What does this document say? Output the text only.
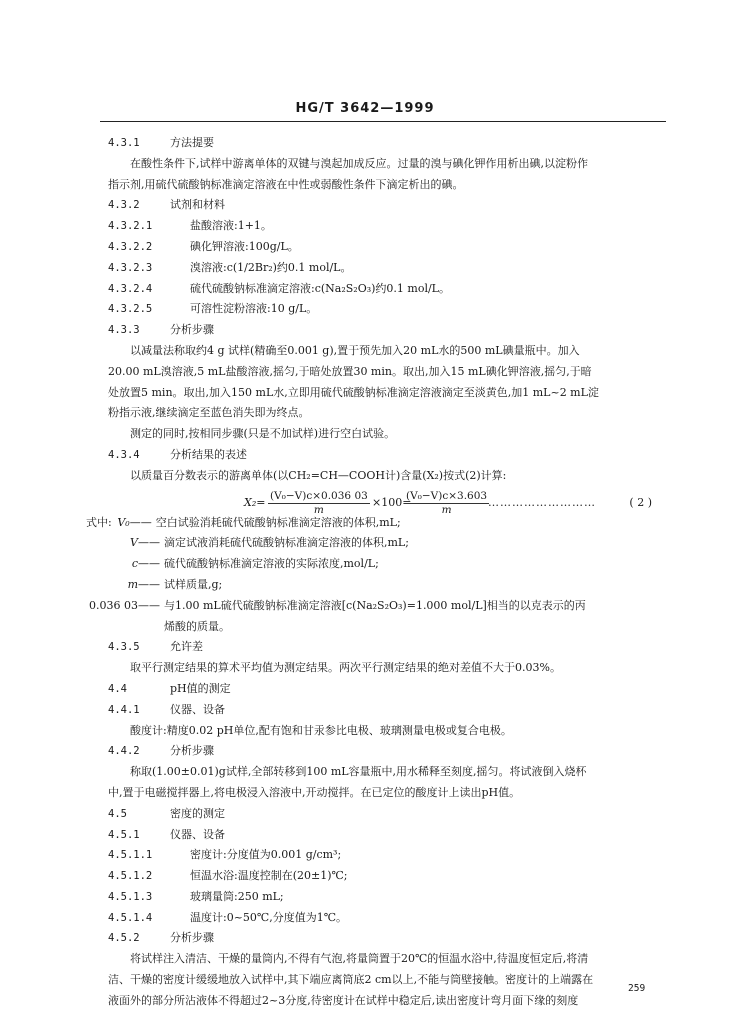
HG/T 3642—1999
4.3.1	方法提要
在酸性条件下,试样中游离单体的双键与溴起加成反应。过量的溴与碘化钾作用析出碘,以淀粉作
指示剂,用硫代硫酸钠标准滴定溶液在中性或弱酸性条件下滴定析出的碘。
4.3.2	试剂和材料
4.3.2.1	盐酸溶液:1+1。
4.3.2.2	碘化钾溶液:100g/L。
4.3.2.3	溴溶液:c(1/2Br₂)约0.1 mol/L。
4.3.2.4	硫代硫酸钠标准滴定溶液:c(Na₂S₂O₃)约0.1 mol/L。
4.3.2.5	可溶性淀粉溶液:10 g/L。
4.3.3	分析步骤
以减量法称取约4 g 试样(精确至0.001 g),置于预先加入20 mL水的500 mL碘量瓶中。加入
20.00 mL溴溶液,5 mL盐酸溶液,摇匀,于暗处放置30 min。取出,加入15 mL碘化钾溶液,摇匀,于暗
处放置5 min。取出,加入150 mL水,立即用硫代硫酸钠标准滴定溶液滴定至淡黄色,加1 mL~2 mL淀
粉指示液,继续滴定至蓝色消失即为终点。
测定的同时,按相同步骤(只是不加试样)进行空白试验。
4.3.4	分析结果的表述
以质量百分数表示的游离单体(以CH₂=CH—COOH计)含量(X₂)按式(2)计算:
$X_2= \frac{\text{(V₀−V)c×0.036 03}}{m} \times 100=$
$\frac{\text{(V₀−V)c×3.603}}{m}$
………………………	( 2 )
式中: V₀—— 空白试验消耗硫代硫酸钠标准滴定溶液的体积,mL;
V—— 滴定试液消耗硫代硫酸钠标准滴定溶液的体积,mL;
c—— 硫代硫酸钠标准滴定溶液的实际浓度,mol/L;
m—— 试样质量,g;
0.036 03—— 与1.00 mL硫代硫酸钠标准滴定溶液[c(Na₂S₂O₃)=1.000 mol/L]相当的以克表示的丙
烯酸的质量。
4.3.5	允许差
取平行测定结果的算术平均值为测定结果。两次平行测定结果的绝对差值不大于0.03%。
4.4	pH值的测定
4.4.1	仪器、设备
酸度计:精度0.02 pH单位,配有饱和甘汞参比电极、玻璃测量电极或复合电极。
4.4.2	分析步骤
称取(1.00±0.01)g试样,全部转移到100 mL容量瓶中,用水稀释至刻度,摇匀。将试液倒入烧杯
中,置于电磁搅拌器上,将电极浸入溶液中,开动搅拌。在已定位的酸度计上读出pH值。
4.5	密度的测定
4.5.1	仪器、设备
4.5.1.1	密度计:分度值为0.001 g/cm³;
4.5.1.2	恒温水浴:温度控制在(20±1)℃;
4.5.1.3	玻璃量筒:250 mL;
4.5.1.4	温度计:0~50℃,分度值为1℃。
4.5.2	分析步骤
将试样注入清洁、干燥的量筒内,不得有气泡,将量筒置于20℃的恒温水浴中,待温度恒定后,将清
洁、干燥的密度计缓缓地放入试样中,其下端应离筒底2 cm以上,不能与筒壁接触。密度计的上端露在
液面外的部分所沾液体不得超过2~3分度,待密度计在试样中稳定后,读出密度计弯月面下缘的刻度
259
